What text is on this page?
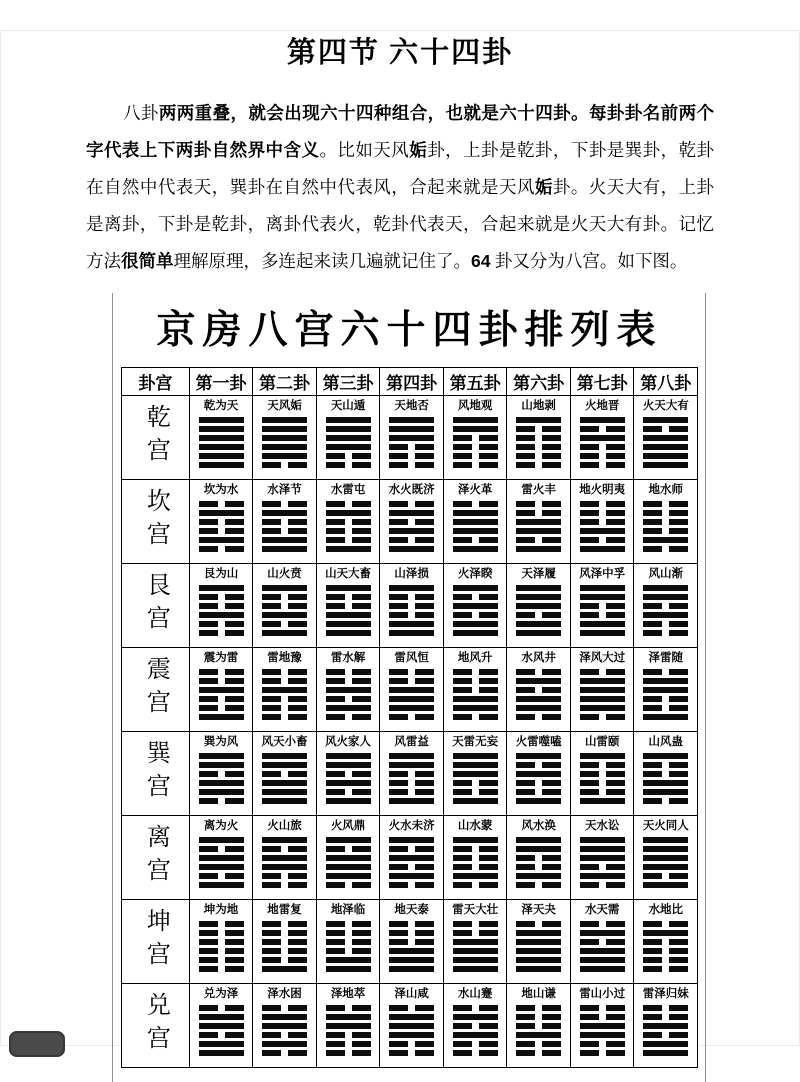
第四节 六十四卦

八卦两两重叠，就会出现六十四种组合，也就是六十四卦。每卦卦名前两个字代表上下两卦自然界中含义。比如天风姤卦，上卦是乾卦，下卦是巽卦，乾卦在自然中代表天，巽卦在自然中代表风，合起来就是天风姤卦。火天大有，上卦是离卦，下卦是乾卦，离卦代表火，乾卦代表天，合起来就是火天大有卦。记忆方法很简单理解原理，多连起来读几遍就记住了。64 卦又分为八宫。如下图。

京房八宫六十四卦排列表
卦宫	第一卦	第二卦	第三卦	第四卦	第五卦	第六卦	第七卦	第八卦
乾宫	乾为天	天风姤	天山遁	天地否	风地观	山地剥	火地晋	火天大有

坎宫	坎为水	水泽节	水雷屯	水火既济	泽火革	雷火丰	地火明夷	地水师

艮宫	艮为山	山火贲	山天大畜	山泽损	火泽睽	天泽履	风泽中孚	风山渐

震宫	震为雷	雷地豫	雷水解	雷风恒	地风升	水风井	泽风大过	泽雷随

巽宫	巽为风	风天小畜	风火家人	风雷益	天雷无妄	火雷噬嗑	山雷颐	山风蛊

离宫	离为火	火山旅	火风鼎	火水未济	山水蒙	风水涣	天水讼	天火同人

坤宫	坤为地	地雷复	地泽临	地天泰	雷天大壮	泽天夬	水天需	水地比

兑宫	兑为泽	泽水困	泽地萃	泽山咸	水山蹇	地山谦	雷山小过	雷泽归妹
